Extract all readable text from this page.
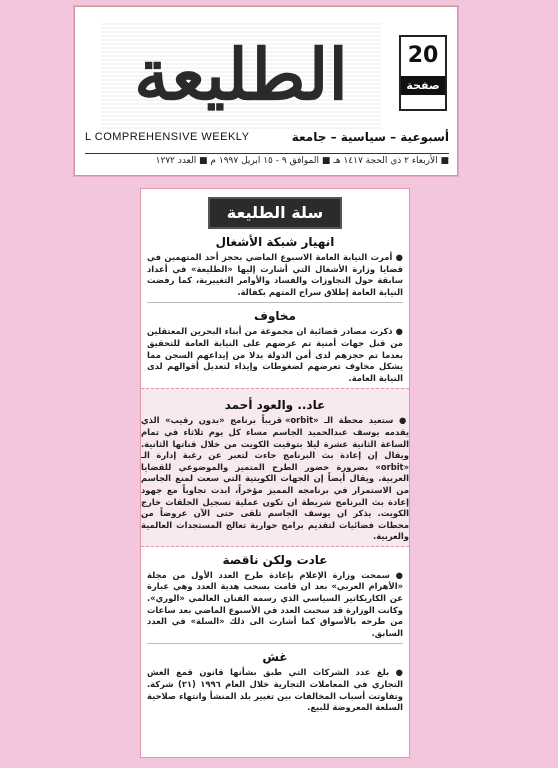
الطليعة	20
صفحة
L COMPREHENSIVE WEEKLY	أسبوعية – سياسية – جامعة
■ الأربعاء ٢ ذي الحجة ١٤١٧ هـ ■ الموافق ٩ - ١٥ ابريل ١٩٩٧ م ■ العدد ١٢٧٢
سلة الطليعة
انهيار شبكة الأشغال

● أمرت النيابة العامة الاسبوع الماضي بحجز أحد المتهمين في قضايا وزارة الأشغال التي أشارت إليها «الطليعة» في أعداد سابقة حول التجاوزات والفساد والأوامر التغييرية، كما رفضت النيابة العامة إطلاق سراح المتهم بكفالة.

مخاوف

● ذكرت مصادر قضائية ان مجموعة من أبناء البحرين المعتقلين من قبل جهات أمنية تم عرضهم على النيابة العامة للتحقيق بعدما تم حجزهم لدى أمن الدولة بدلا من إيداعهم السجن مما يشكل مخاوف تعرضهم لضغوطات وإيذاء لتعديل أقوالهم لدى النيابة العامة.

عاد.. والعود أحمد

● ستعيد محطة الـ «orbit» قريباً برنامج «بدون رقيب» الذي يقدمه يوسف عبدالحميد الجاسم مساء كل يوم ثلاثاء في تمام الساعة الثانية عشرة ليلا بتوقيت الكويت من خلال قناتها الثانية. ويقال إن إعادة بث البرنامج جاءت لتعبر عن رغبة إدارة الـ «orbit» بضرورة حضور الطرح المتميز والموضوعي للقضايا العربية. ويقال أيضاً إن الجهات الكويتية التي سعت لمنع الجاسم من الاستمرار في برنامجه المميز مؤخراً، ابدت تجاوباً مع جهود إعادة بث البرنامج شريطة ان تكون عملية تسجيل الحلقات خارج الكويت. يذكر ان يوسف الجاسم تلقى حتى الآن عروضاً من محطات فضائيات لتقديم برامج حوارية تعالج المستجدات العالمية والعربية.

عادت ولكن ناقصة

● سمحت وزارة الإعلام بإعادة طرح العدد الأول من مجلة «الأهرام العربي» بعد ان قامت بسحب هدية العدد وهي عبارة عن الكاريكاتير السياسي الذي رسمه الفنان العالمي «الوري». وكانت الوزارة قد سحبت العدد في الأسبوع الماضي بعد ساعات من طرحه بالأسواق كما أشارت الى ذلك «السلة» في العدد السابق.

غش

● بلغ عدد الشركات التي طبق بشأنها قانون قمع الغش التجاري في المعاملات التجارية خلال العام ١٩٩٦ (٢١) شركة. وتفاوتت أسباب المخالفات بين تغيير بلد المنشأ وانتهاء صلاحية السلعة المعروضة للبيع.
